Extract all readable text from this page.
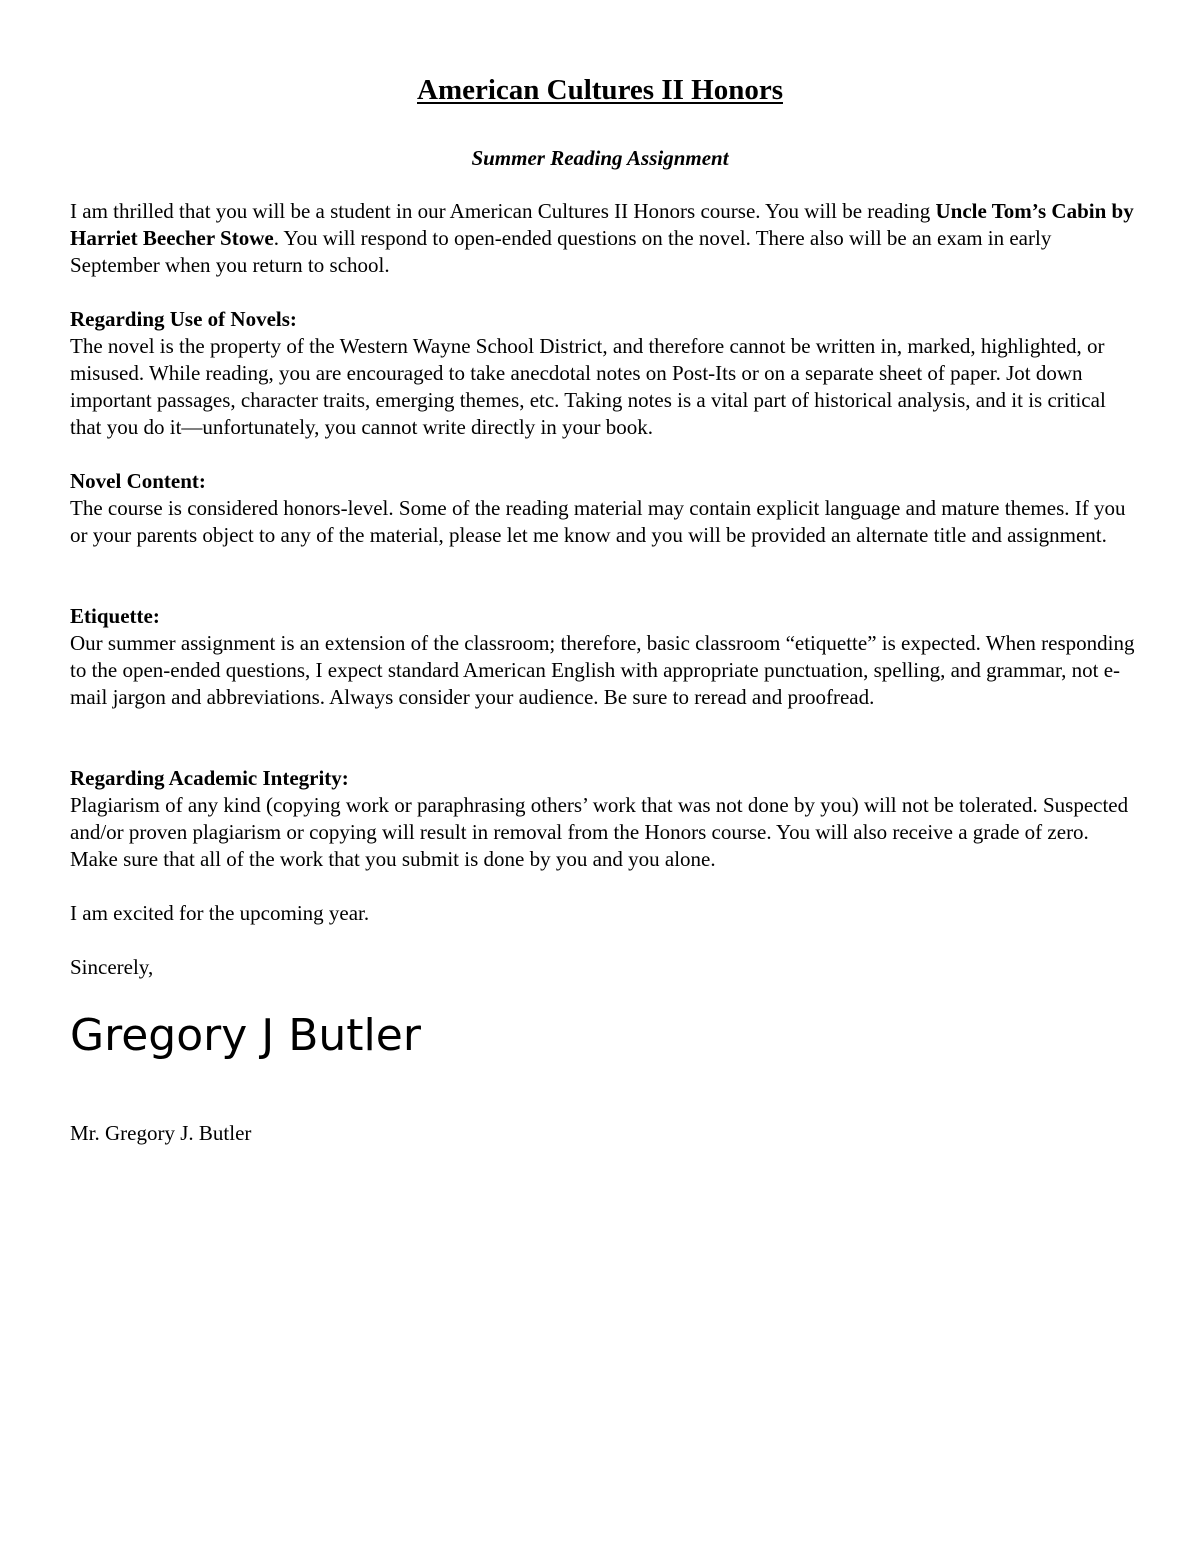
American Cultures II Honors
Summer Reading Assignment

I am thrilled that you will be a student in our American Cultures II Honors course. You will be reading Uncle Tom’s Cabin by Harriet Beecher Stowe. You will respond to open-ended questions on the novel. There also will be an exam in early September when you return to school.

Regarding Use of Novels:
The novel is the property of the Western Wayne School District, and therefore cannot be written in, marked, highlighted, or misused. While reading, you are encouraged to take anecdotal notes on Post-Its or on a separate sheet of paper. Jot down important passages, character traits, emerging themes, etc. Taking notes is a vital part of historical analysis, and it is critical that you do it—unfortunately, you cannot write directly in your book.
Novel Content:
The course is considered honors-level. Some of the reading material may contain explicit language and mature themes. If you or your parents object to any of the material, please let me know and you will be provided an alternate title and assignment.
Etiquette:
Our summer assignment is an extension of the classroom; therefore, basic classroom “etiquette” is expected. When responding to the open-ended questions, I expect standard American English with appropriate punctuation, spelling, and grammar, not e-mail jargon and abbreviations. Always consider your audience. Be sure to reread and proofread.
Regarding Academic Integrity:
Plagiarism of any kind (copying work or paraphrasing others’ work that was not done by you) will not be tolerated. Suspected and/or proven plagiarism or copying will result in removal from the Honors course. You will also receive a grade of zero. Make sure that all of the work that you submit is done by you and you alone.

I am excited for the upcoming year.

Sincerely,

Gregory J Butler

Mr. Gregory J. Butler
